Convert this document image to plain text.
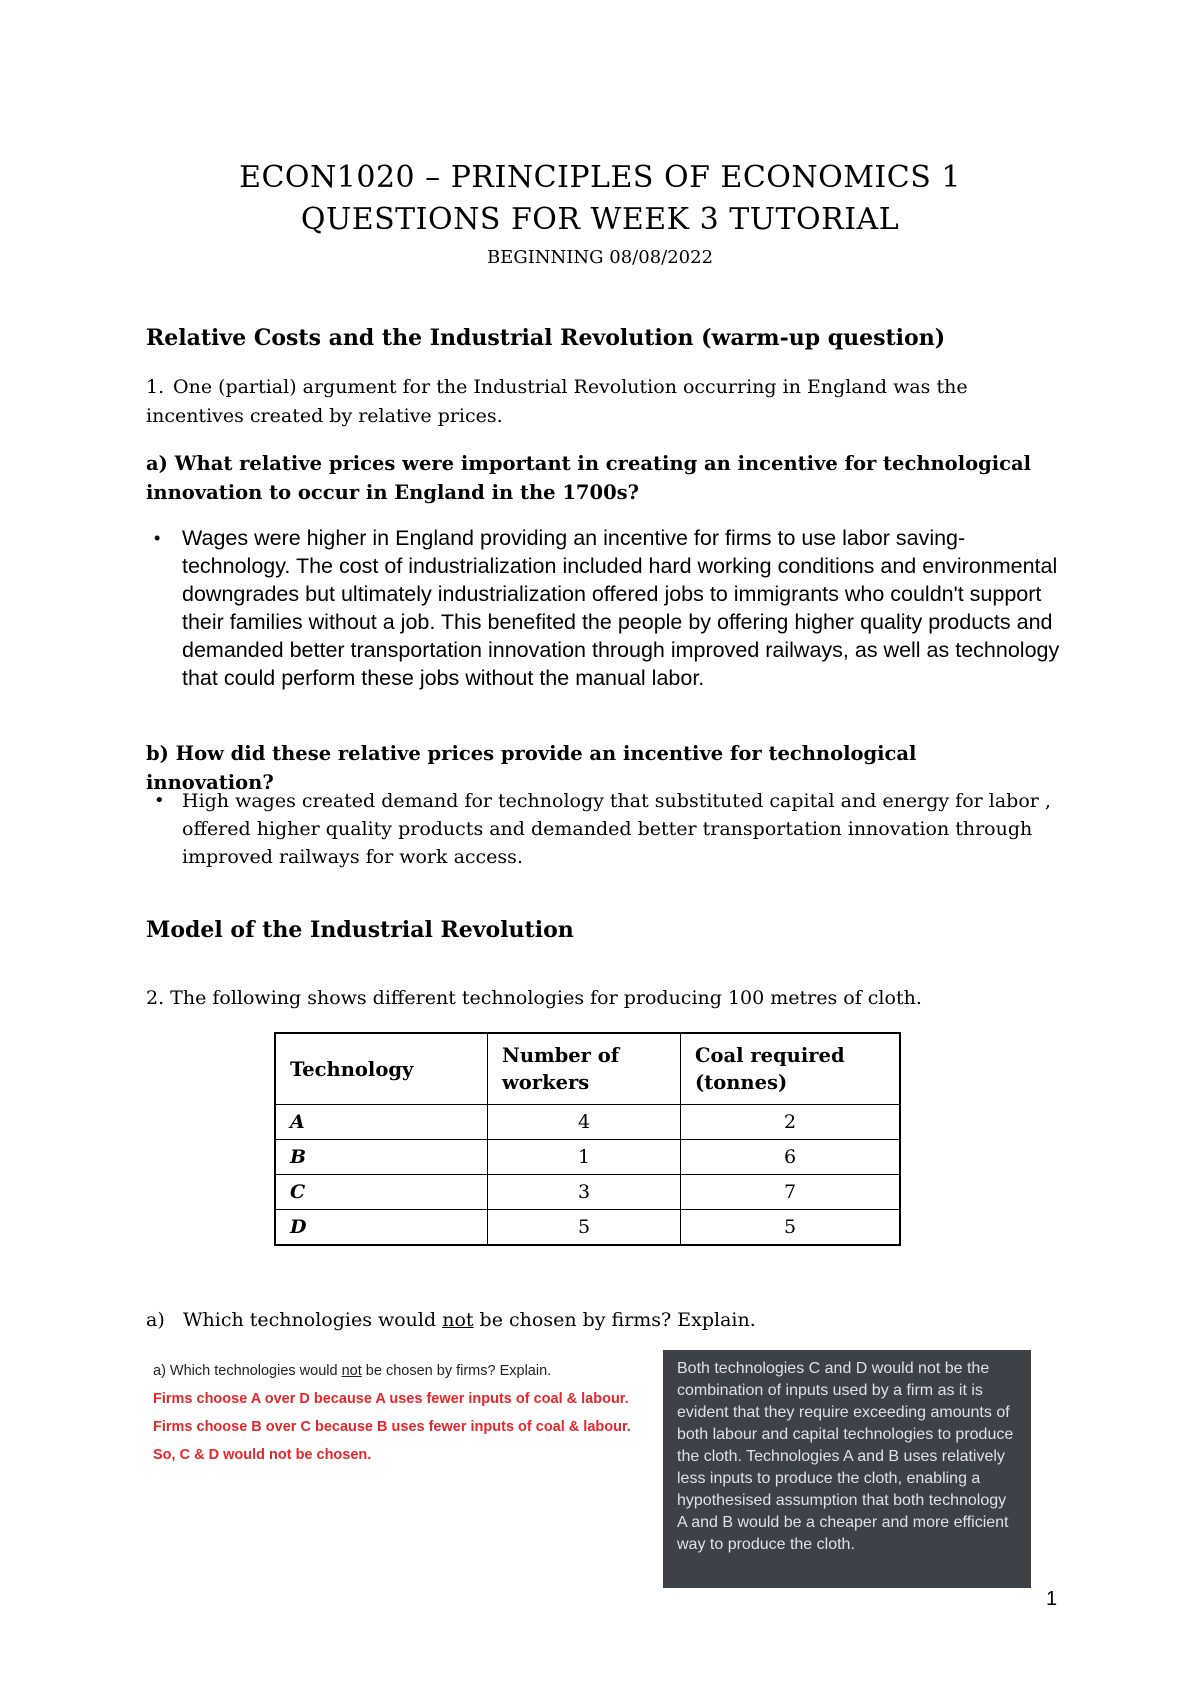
ECON1020 – PRINCIPLES OF ECONOMICS 1
QUESTIONS FOR WEEK 3 TUTORIAL
BEGINNING 08/08/2022
Relative Costs and the Industrial Revolution (warm-up question)
1. One (partial) argument for the Industrial Revolution occurring in England was the incentives created by relative prices.
a) What relative prices were important in creating an incentive for technological innovation to occur in England in the 1700s?
• Wages were higher in England providing an incentive for firms to use labor saving-technology. The cost of industrialization included hard working conditions and environmental downgrades but ultimately industrialization offered jobs to immigrants who couldn't support their families without a job. This benefited the people by offering higher quality products and demanded better transportation innovation through improved railways, as well as technology that could perform these jobs without the manual labor.
b) How did these relative prices provide an incentive for technological innovation?
• High wages created demand for technology that substituted capital and energy for labor , offered higher quality products and demanded better transportation innovation through improved railways for work access.
Model of the Industrial Revolution
2. The following shows different technologies for producing 100 metres of cloth.
Technology	Number of workers	Coal required (tonnes)
A	4	2
B	1	6
C	3	7
D	5	5
a) Which technologies would not be chosen by firms? Explain.
a) Which technologies would not be chosen by firms? Explain.
Firms choose A over D because A uses fewer inputs of coal & labour.
Firms choose B over C because B uses fewer inputs of coal & labour.
So, C & D would not be chosen.
Both technologies C and D would not be the combination of inputs used by a firm as it is evident that they require exceeding amounts of both labour and capital technologies to produce the cloth. Technologies A and B uses relatively less inputs to produce the cloth, enabling a hypothesised assumption that both technology A and B would be a cheaper and more efficient way to produce the cloth.
1
